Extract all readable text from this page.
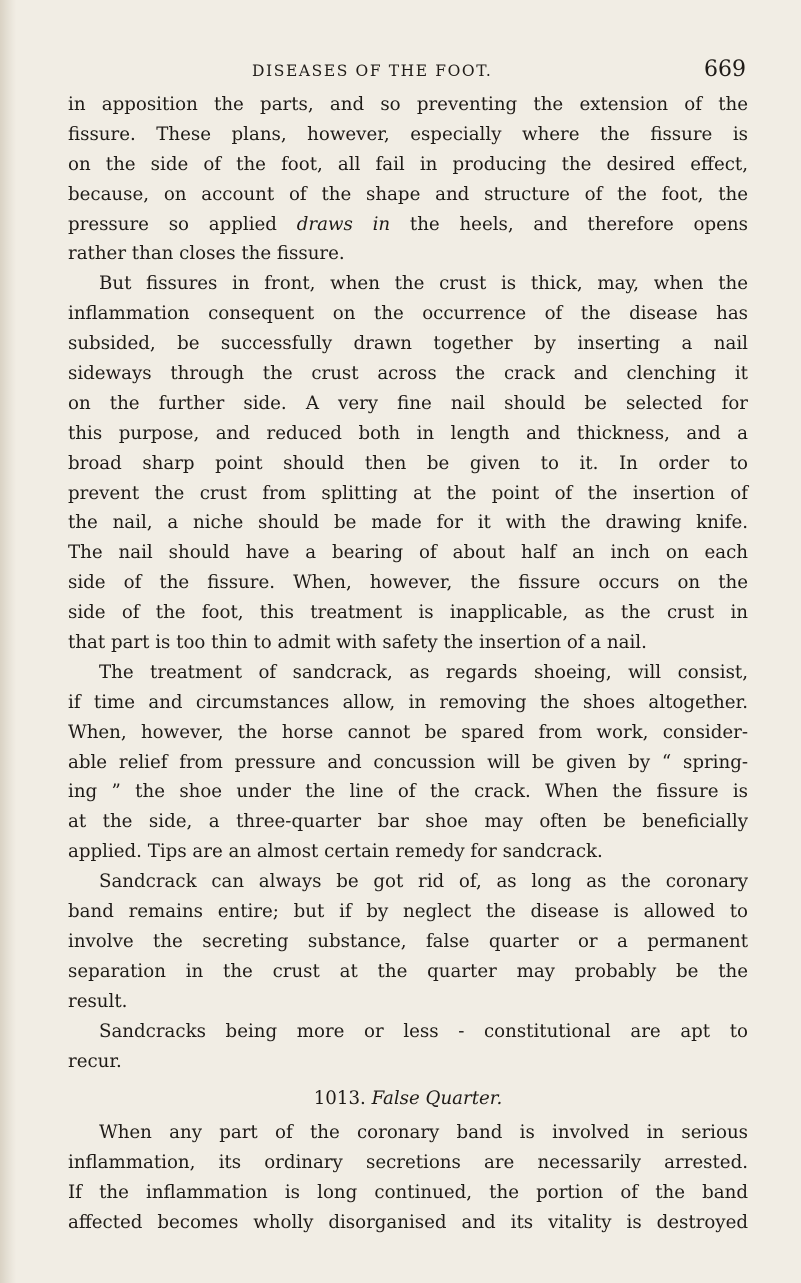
DISEASES OF THE FOOT.	669
in apposition the parts, and so preventing the extension of the
fissure. These plans, however, especially where the fissure is
on the side of the foot, all fail in producing the desired effect,
because, on account of the shape and structure of the foot, the
pressure so applied draws in the heels, and therefore opens
rather than closes the fissure.
But fissures in front, when the crust is thick, may, when the
inflammation consequent on the occurrence of the disease has
subsided, be successfully drawn together by inserting a nail
sideways through the crust across the crack and clenching it
on the further side. A very fine nail should be selected for
this purpose, and reduced both in length and thickness, and a
broad sharp point should then be given to it. In order to
prevent the crust from splitting at the point of the insertion of
the nail, a niche should be made for it with the drawing knife.
The nail should have a bearing of about half an inch on each
side of the fissure. When, however, the fissure occurs on the
side of the foot, this treatment is inapplicable, as the crust in
that part is too thin to admit with safety the insertion of a nail.
The treatment of sandcrack, as regards shoeing, will consist,
if time and circumstances allow, in removing the shoes altogether.
When, however, the horse cannot be spared from work, consider-
able relief from pressure and concussion will be given by “ spring-
ing ” the shoe under the line of the crack. When the fissure is
at the side, a three-quarter bar shoe may often be beneficially
applied. Tips are an almost certain remedy for sandcrack.
Sandcrack can always be got rid of, as long as the coronary
band remains entire; but if by neglect the disease is allowed to
involve the secreting substance, false quarter or a permanent
separation in the crust at the quarter may probably be the
result.
Sandcracks being more or less - constitutional are apt to
recur.
1013. False Quarter.
When any part of the coronary band is involved in serious
inflammation, its ordinary secretions are necessarily arrested.
If the inflammation is long continued, the portion of the band
affected becomes wholly disorganised and its vitality is destroyed
